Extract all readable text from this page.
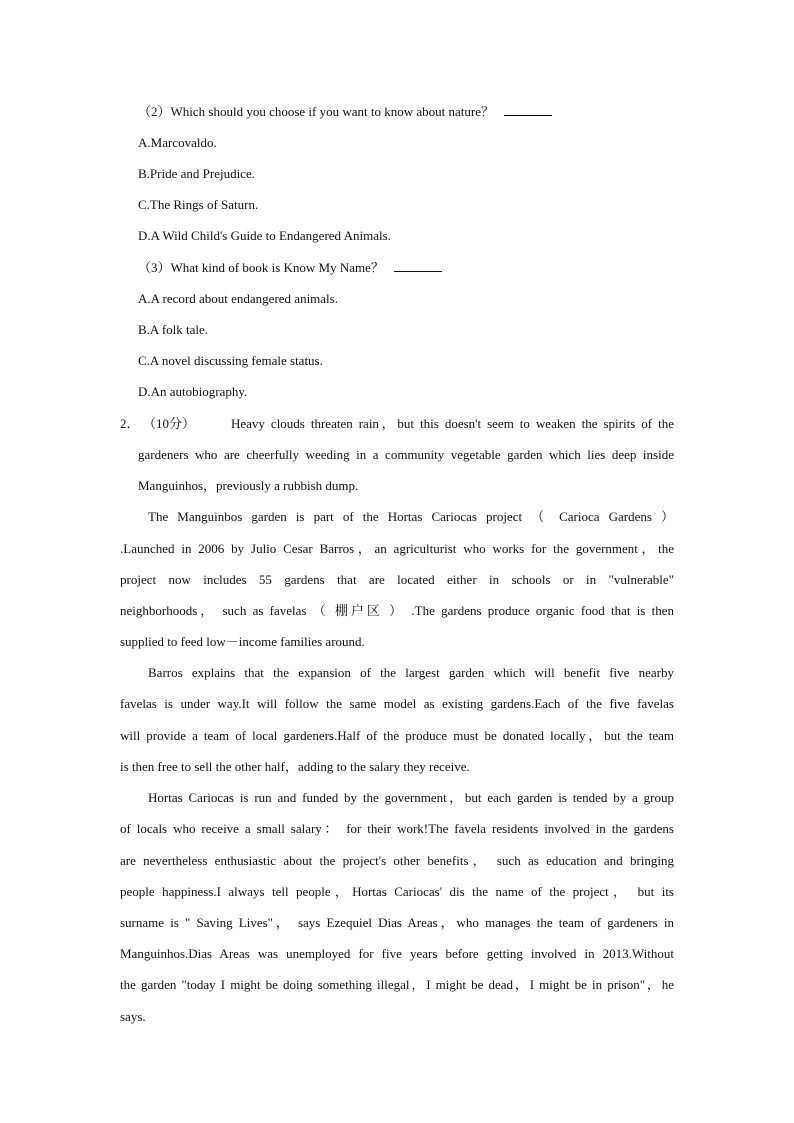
（2）Which should you choose if you want to know about nature？
A.Marcovaldo.
B.Pride and Prejudice.
C.The Rings of Saturn.
D.A Wild Child's Guide to Endangered Animals.
（3）What kind of book is Know My Name？
A.A record about endangered animals.
B.A folk tale.
C.A novel discussing female status.
D.An autobiography.
2． （10分）	Heavy clouds threaten rain，but this doesn't seem to weaken the spirits of the
gardeners who are cheerfully weeding in a community vegetable garden which lies deep inside
Manguinhos，previously a rubbish dump.
The Manguinbos garden is part of the Hortas Cariocas project （ Carioca Gardens ）
.Launched in 2006 by Julio Cesar Barros，an agriculturist who works for the government，the
project now includes 55 gardens that are located either in schools or in "vulnerable"
neighborhoods， such as favelas （ 棚户区 ） .The gardens produce organic food that is then
supplied to feed low－income families around.
Barros explains that the expansion of the largest garden which will benefit five nearby
favelas is under way.It will follow the same model as existing gardens.Each of the five favelas
will provide a team of local gardeners.Half of the produce must be donated locally，but the team
is then free to sell the other half，adding to the salary they receive.
Hortas Cariocas is run and funded by the government，but each garden is tended by a group
of locals who receive a small salary： for their work!The favela residents involved in the gardens
are nevertheless enthusiastic about the project's other benefits， such as education and bringing
people happiness.I always tell people，Hortas Cariocas' dis the name of the project， but its
surname is " Saving Lives"， says Ezequiel Dias Areas，who manages the team of gardeners in
Manguinhos.Dias Areas was unemployed for five years before getting involved in 2013.Without
the garden "today I might be doing something illegal，I might be dead，I might be in prison"，he
says.
